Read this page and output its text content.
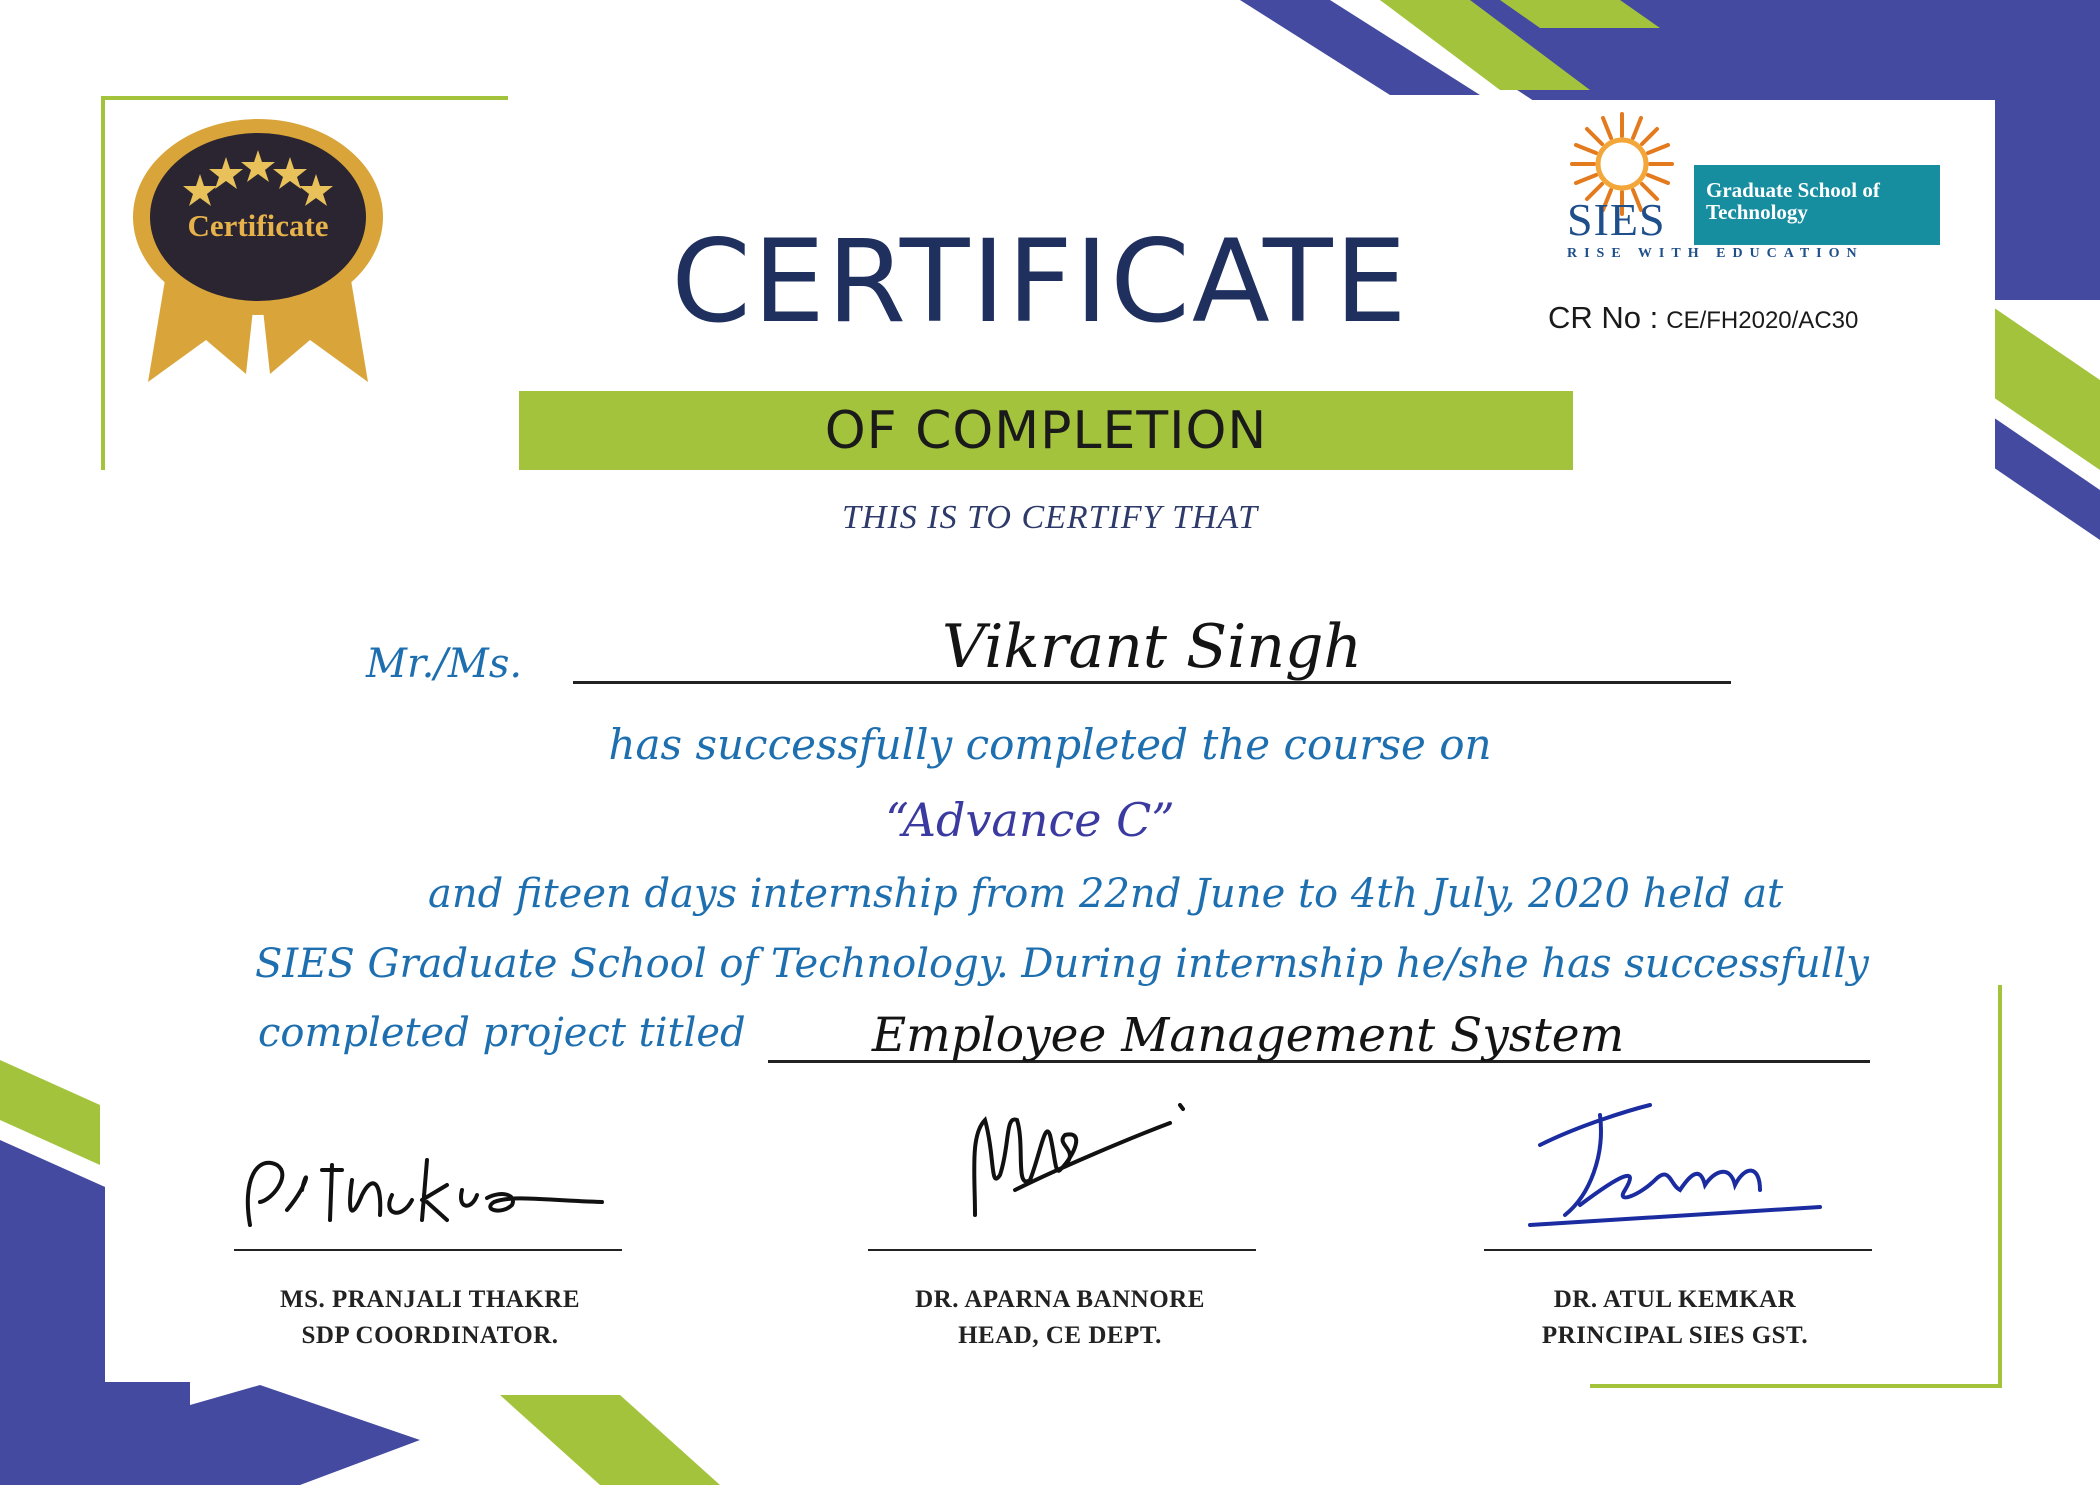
Certificate	CERTIFICATE
OF COMPLETION
THIS IS TO CERTIFY THAT
SIES
Graduate School of Technology
RISE WITH EDUCATION
CR No : CE/FH2020/AC30
Mr./Ms.	Vikrant Singh
has successfully completed the course on
“Advance C”
and fiteen days internship from 22nd June to 4th July, 2020 held at
SIES Graduate School of Technology. During internship he/she has successfully
completed project titled	Employee Management System
MS. PRANJALI THAKRE
SDP COORDINATOR.
DR. APARNA BANNORE
HEAD, CE DEPT.
DR. ATUL KEMKAR
PRINCIPAL SIES GST.
